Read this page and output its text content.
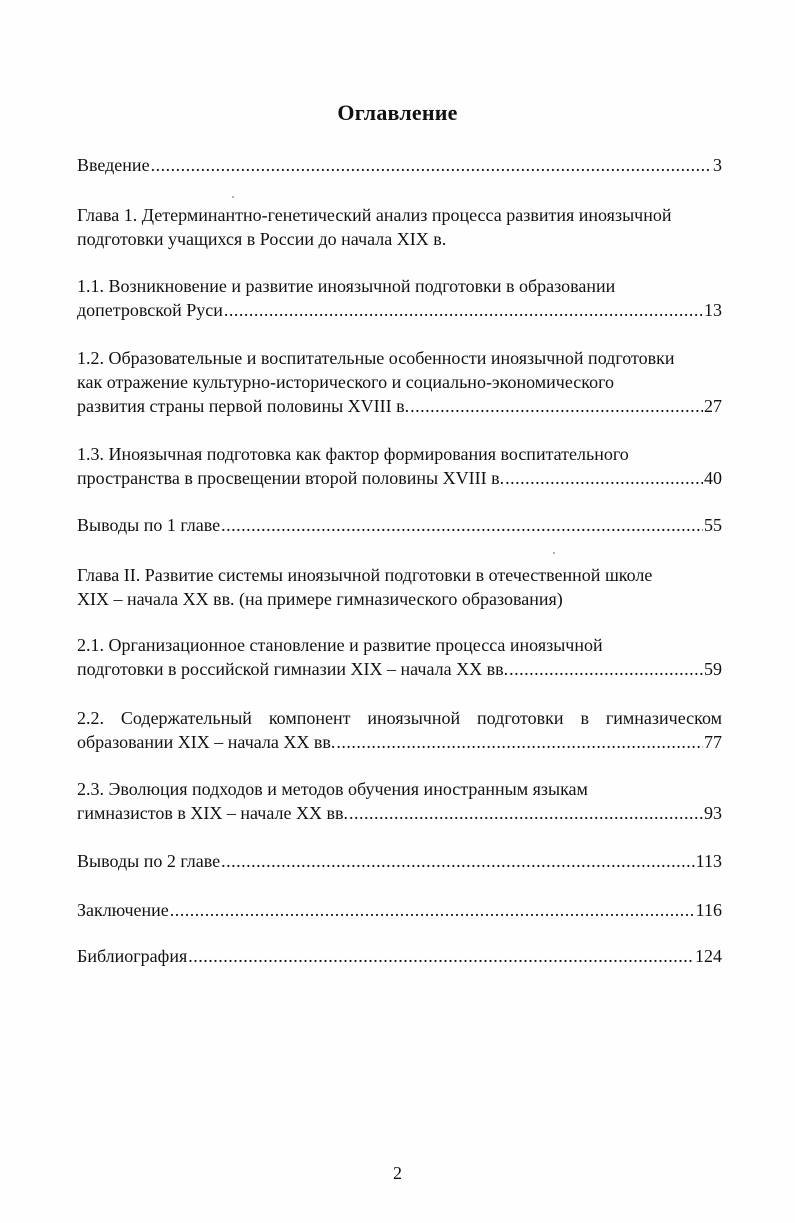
Оглавление
Введение .....	3
Глава 1. Детерминантно-генетический анализ процесса развития иноязычной
подготовки учащихся в России до начала XIX в.
1.1. Возникновение и развитие иноязычной подготовки в образовании
допетровской Руси .....	13
1.2. Образовательные и воспитательные особенности иноязычной подготовки
как отражение культурно-исторического и социально-экономического
развития страны первой половины XVIII в. .....	27
1.3. Иноязычная подготовка как фактор формирования воспитательного
пространства в просвещении второй половины XVIII в. .....	40
Выводы по 1 главе .....	55
Глава II. Развитие системы иноязычной подготовки в отечественной школе
XIX – начала XX вв. (на примере гимназического образования)
2.1. Организационное становление и развитие процесса иноязычной
подготовки в российской гимназии XIX – начала XX вв. .....	59
2.2. Содержательный компонент иноязычной подготовки в гимназическом
образовании XIX – начала XX вв. .....	77
2.3. Эволюция подходов и методов обучения иностранным языкам
гимназистов в XIX – начале XX вв. .....	93
Выводы по 2 главе .....	113
Заключение .....	116
Библиография .....	124
2
